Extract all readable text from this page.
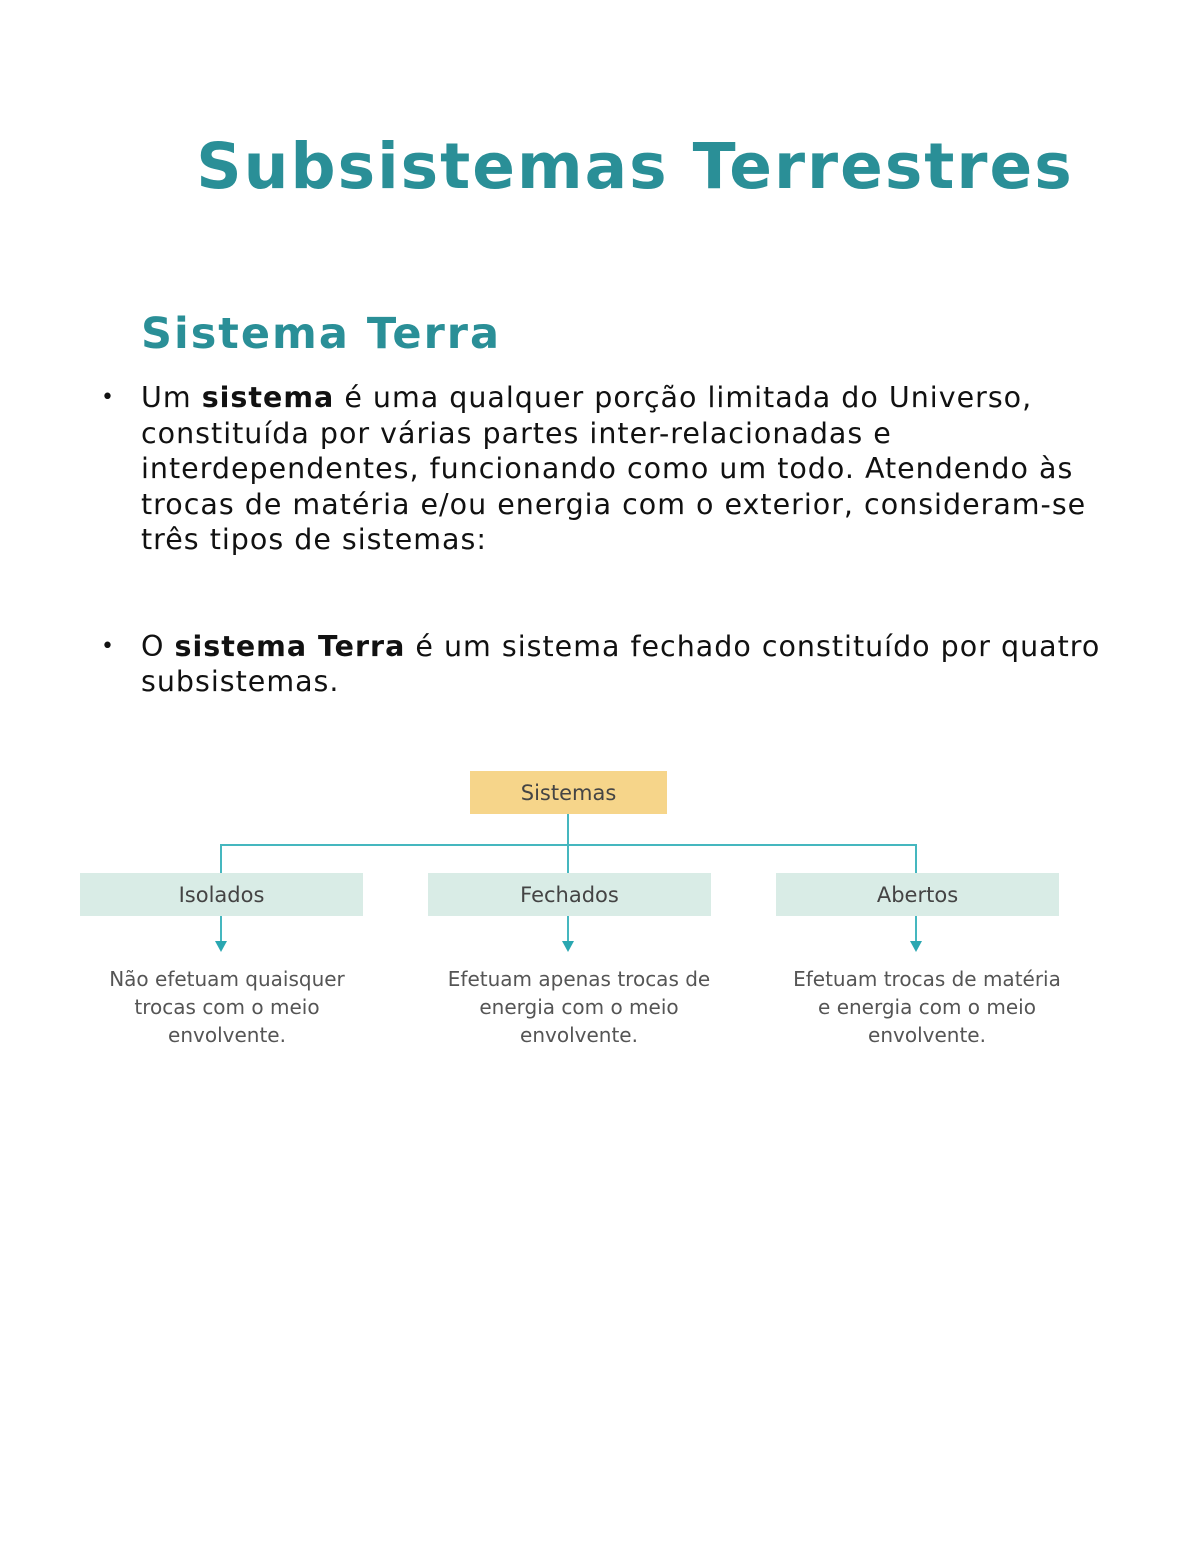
Subsistemas Terrestres
Sistema Terra
• Um sistema é uma qualquer porção limitada do Universo, constituída por várias partes inter-relacionadas e interdependentes, funcionando como um todo. Atendendo às trocas de matéria e/ou energia com o exterior, consideram-se três tipos de sistemas:
• O sistema Terra é um sistema fechado constituído por quatro subsistemas.
Sistemas
Isolados	Fechados	Abertos
Não efetuam quaisquer trocas com o meio envolvente.
Efetuam apenas trocas de energia com o meio envolvente.
Efetuam trocas de matéria e energia com o meio envolvente.
